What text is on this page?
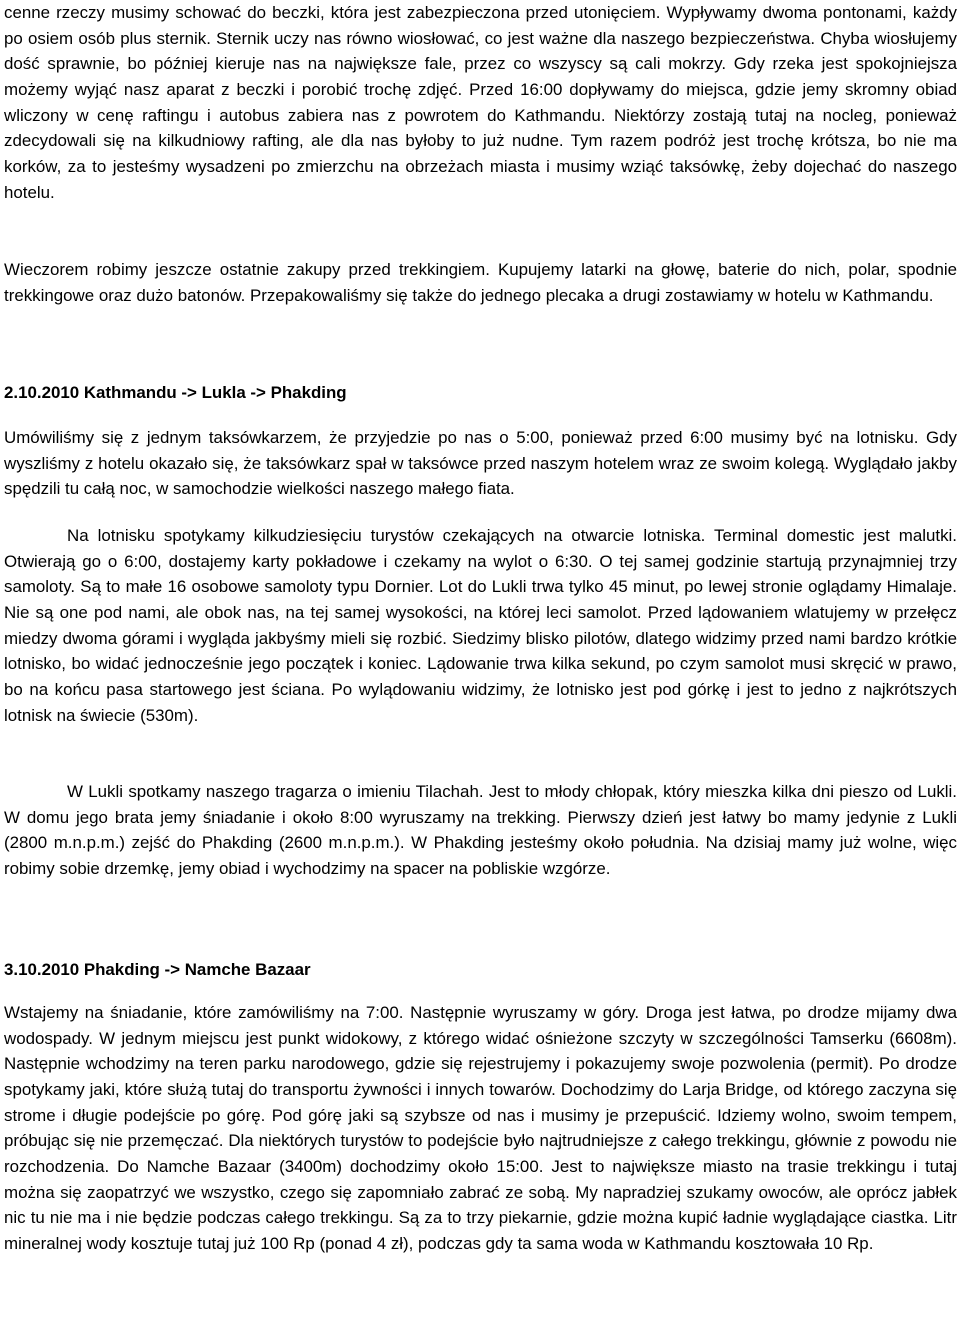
cenne rzeczy musimy schować do beczki, która jest zabezpieczona przed utonięciem. Wypływamy dwoma pontonami, każdy po osiem osób plus sternik. Sternik uczy nas równo wiosłować, co jest ważne dla naszego bezpieczeństwa. Chyba wiosłujemy dość sprawnie, bo później kieruje nas na największe fale, przez co wszyscy są cali mokrzy. Gdy rzeka jest spokojniejsza możemy wyjąć nasz aparat z beczki i porobić trochę zdjęć. Przed 16:00 dopływamy do miejsca, gdzie jemy skromny obiad wliczony w cenę raftingu i autobus zabiera nas z powrotem do Kathmandu. Niektórzy zostają tutaj na nocleg, ponieważ zdecydowali się na kilkudniowy rafting, ale dla nas byłoby to już nudne. Tym razem podróż jest trochę krótsza, bo nie ma korków, za to jesteśmy wysadzeni po zmierzchu na obrzeżach miasta i musimy wziąć taksówkę, żeby dojechać do naszego hotelu.

Wieczorem robimy jeszcze ostatnie zakupy przed trekkingiem. Kupujemy latarki na głowę, baterie do nich, polar, spodnie trekkingowe oraz dużo batonów. Przepakowaliśmy się także do jednego plecaka a drugi zostawiamy w hotelu w Kathmandu.

2.10.2010 Kathmandu -> Lukla -> Phakding

Umówiliśmy się z jednym taksówkarzem, że przyjedzie po nas o 5:00, ponieważ przed 6:00 musimy być na lotnisku. Gdy wyszliśmy z hotelu okazało się, że taksówkarz spał w taksówce przed naszym hotelem wraz ze swoim kolegą. Wyglądało jakby spędzili tu całą noc, w samochodzie wielkości naszego małego fiata.

Na lotnisku spotykamy kilkudziesięciu turystów czekających na otwarcie lotniska. Terminal domestic jest malutki. Otwierają go o 6:00, dostajemy karty pokładowe i czekamy na wylot o 6:30. O tej samej godzinie startują przynajmniej trzy samoloty. Są to małe 16 osobowe samoloty typu Dornier. Lot do Lukli trwa tylko 45 minut, po lewej stronie oglądamy Himalaje. Nie są one pod nami, ale obok nas, na tej samej wysokości, na której leci samolot. Przed lądowaniem wlatujemy w przełęcz miedzy dwoma górami i wygląda jakbyśmy mieli się rozbić. Siedzimy blisko pilotów, dlatego widzimy przed nami bardzo krótkie lotnisko, bo widać jednocześnie jego początek i koniec. Lądowanie trwa kilka sekund, po czym samolot musi skręcić w prawo, bo na końcu pasa startowego jest ściana. Po wylądowaniu widzimy, że lotnisko jest pod górkę i jest to jedno z najkrótszych lotnisk na świecie (530m).

W Lukli spotkamy naszego tragarza o imieniu Tilachah. Jest to młody chłopak, który mieszka kilka dni pieszo od Lukli. W domu jego brata jemy śniadanie i około 8:00 wyruszamy na trekking. Pierwszy dzień jest łatwy bo mamy jedynie z Lukli (2800 m.n.p.m.) zejść do Phakding (2600 m.n.p.m.). W Phakding jesteśmy około południa. Na dzisiaj mamy już wolne, więc robimy sobie drzemkę, jemy obiad i wychodzimy na spacer na pobliskie wzgórze.

3.10.2010 Phakding -> Namche Bazaar

Wstajemy na śniadanie, które zamówiliśmy na 7:00. Następnie wyruszamy w góry. Droga jest łatwa, po drodze mijamy dwa wodospady. W jednym miejscu jest punkt widokowy, z którego widać ośnieżone szczyty w szczególności Tamserku (6608m). Następnie wchodzimy na teren parku narodowego, gdzie się rejestrujemy i pokazujemy swoje pozwolenia (permit). Po drodze spotykamy jaki, które służą tutaj do transportu żywności i innych towarów. Dochodzimy do Larja Bridge, od którego zaczyna się strome i długie podejście po górę. Pod górę jaki są szybsze od nas i musimy je przepuścić. Idziemy wolno, swoim tempem, próbując się nie przemęczać. Dla niektórych turystów to podejście było najtrudniejsze z całego trekkingu, głównie z powodu nie rozchodzenia. Do Namche Bazaar (3400m) dochodzimy około 15:00. Jest to największe miasto na trasie trekkingu i tutaj można się zaopatrzyć we wszystko, czego się zapomniało zabrać ze sobą. My napradziej szukamy owoców, ale oprócz jabłek nic tu nie ma i nie będzie podczas całego trekkingu. Są za to trzy piekarnie, gdzie można kupić ładnie wyglądające ciastka. Litr mineralnej wody kosztuje tutaj już 100 Rp (ponad 4 zł), podczas gdy ta sama woda w Kathmandu kosztowała 10 Rp.
